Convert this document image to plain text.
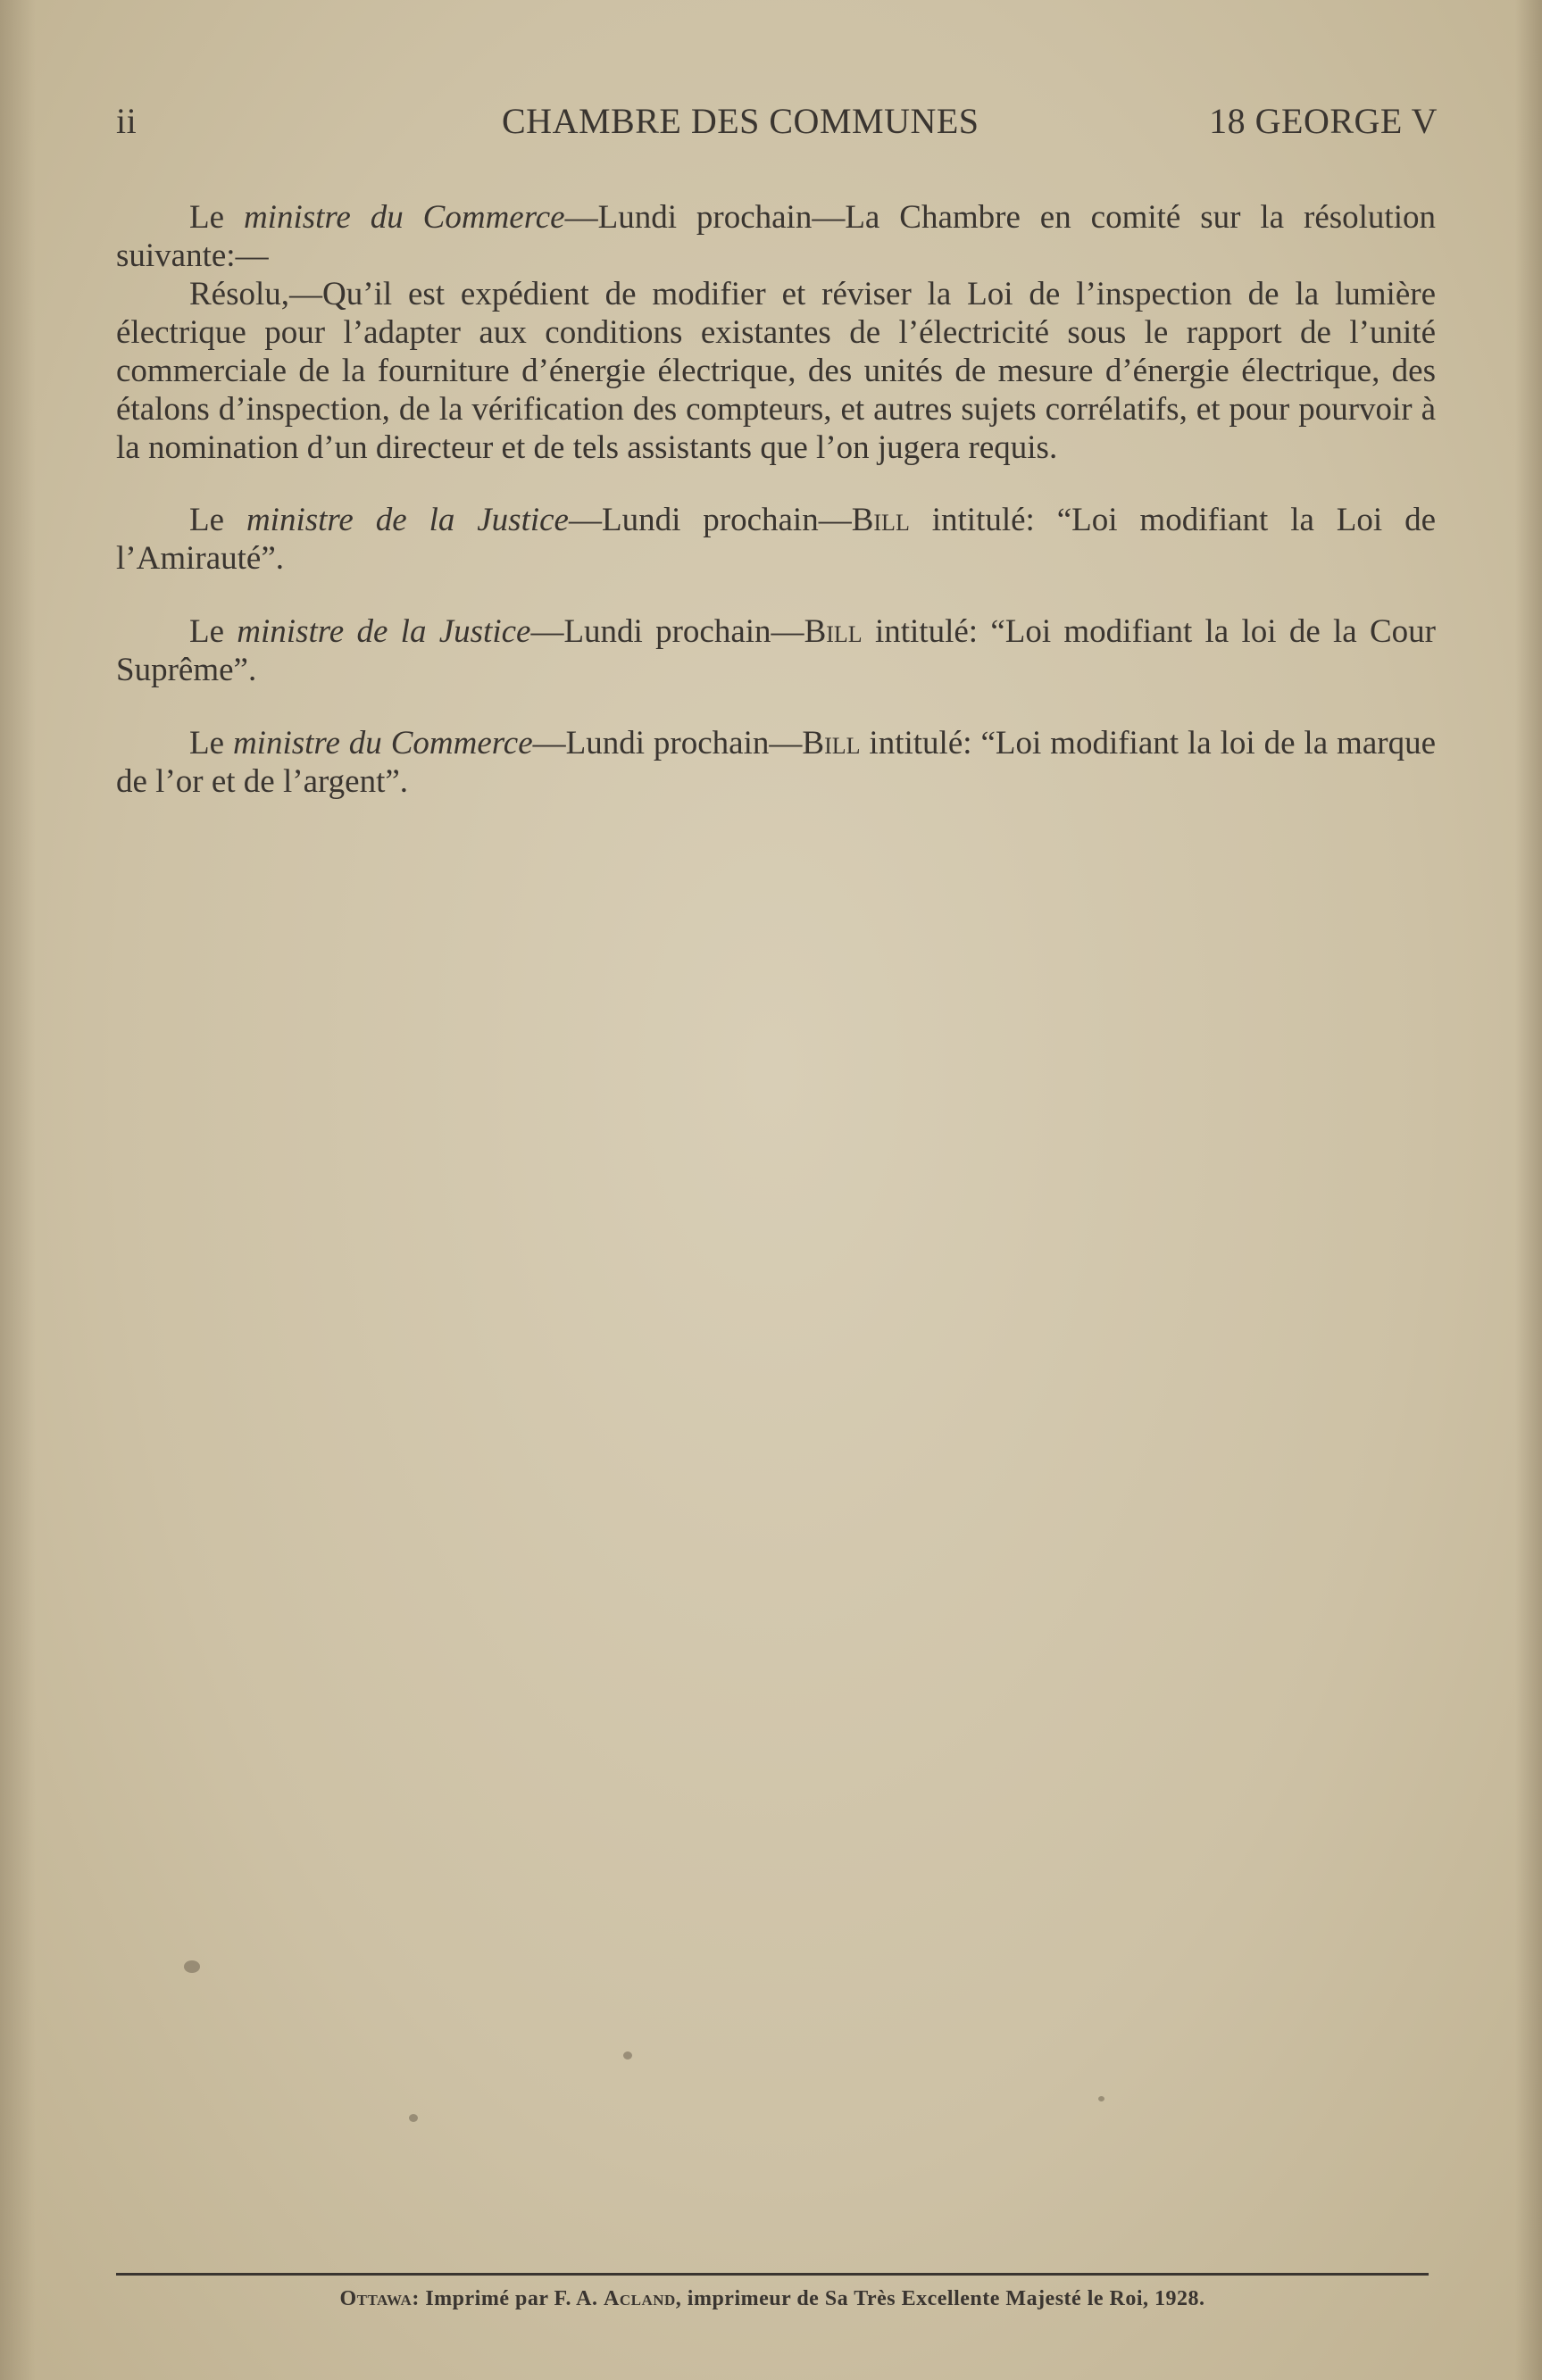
ii	CHAMBRE DES COMMUNES	18 GEORGE V

Le ministre du Commerce—Lundi prochain—La Chambre en comité sur la résolution suivante:—

Résolu,—Qu’il est expédient de modifier et réviser la Loi de l’inspection de la lumière électrique pour l’adapter aux conditions existantes de l’électricité sous le rapport de l’unité commerciale de la fourniture d’énergie électrique, des unités de mesure d’énergie électrique, des étalons d’inspection, de la vérification des compteurs, et autres sujets corrélatifs, et pour pourvoir à la nomination d’un directeur et de tels assistants que l’on jugera requis.

Le ministre de la Justice—Lundi prochain—Bill intitulé: “Loi modifiant la Loi de l’Amirauté”.

Le ministre de la Justice—Lundi prochain—Bill intitulé: “Loi modifiant la loi de la Cour Suprême”.

Le ministre du Commerce—Lundi prochain—Bill intitulé: “Loi modifiant la loi de la marque de l’or et de l’argent”.

Ottawa: Imprimé par F. A. Acland, imprimeur de Sa Très Excellente Majesté le Roi, 1928.
